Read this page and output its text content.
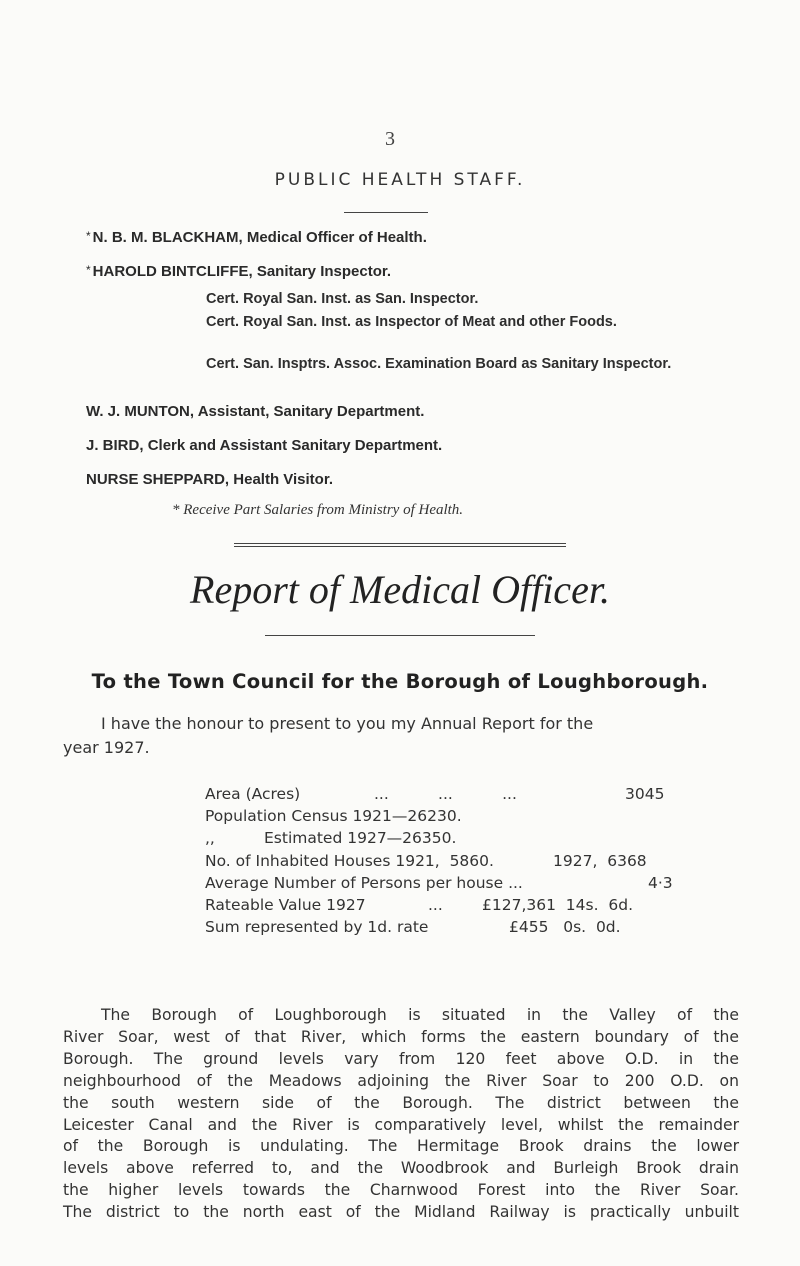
3
PUBLIC HEALTH STAFF.
* N. B. M. BLACKHAM, Medical Officer of Health.
* HAROLD BINTCLIFFE, Sanitary Inspector.
Cert. Royal San. Inst. as San. Inspector.
Cert. Royal San. Inst. as Inspector of Meat and other Foods.
Cert. San. Insptrs. Assoc. Examination Board as Sanitary Inspector.
W. J. MUNTON, Assistant, Sanitary Department.
J. BIRD, Clerk and Assistant Sanitary Department.
NURSE SHEPPARD, Health Visitor.
* Receive Part Salaries from Ministry of Health.
Report of Medical Officer.
To the Town Council for the Borough of Loughborough.
I have the honour to present to you my Annual Report for the
year 1927.
Area (Acres)	...          ...          ...	3045
Population Census 1921—26230.
,,	Estimated 1927—26350.
No. of Inhabited Houses 1921,  5860.	1927,  6368
Average Number of Persons per house ...	4·3
Rateable Value 1927	...	£127,361  14s.  6d.
Sum represented by 1d. rate	£455   0s.  0d.
The Borough of Loughborough is situated in the Valley of the
River Soar, west of that River, which forms the eastern boundary of the
Borough. The ground levels vary from 120 feet above O.D. in the
neighbourhood of the Meadows adjoining the River Soar to 200 O.D. on
the south western side of the Borough. The district between the
Leicester Canal and the River is comparatively level, whilst the remainder
of the Borough is undulating. The Hermitage Brook drains the lower
levels above referred to, and the Woodbrook and Burleigh Brook drain
the higher levels towards the Charnwood Forest into the River Soar.
The district to the north east of the Midland Railway is practically unbuilt
